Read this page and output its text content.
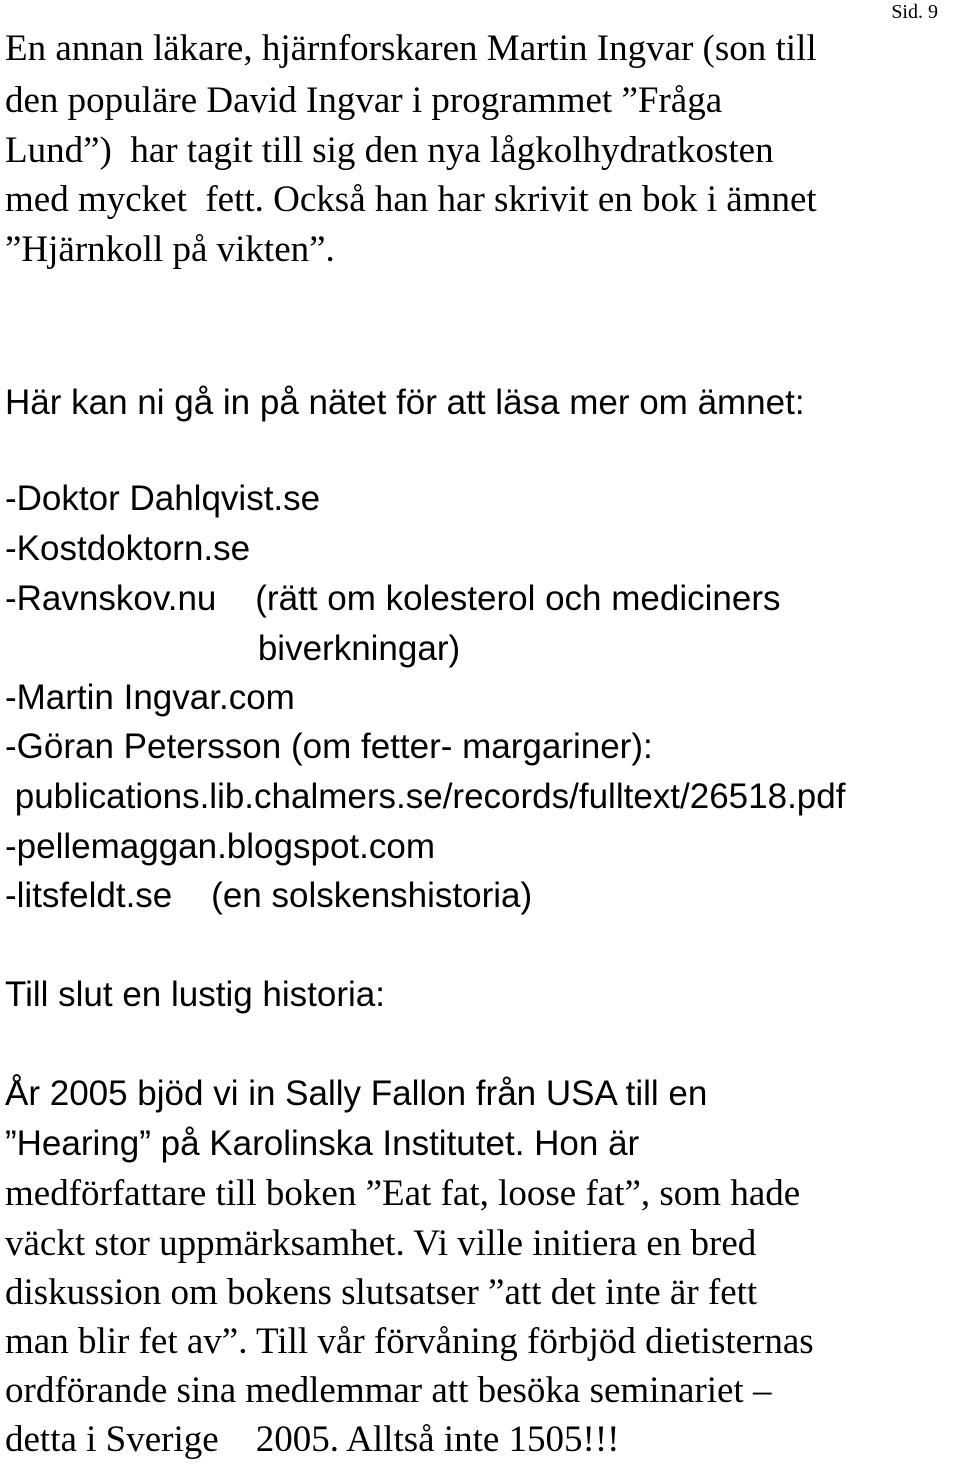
Sid. 9
En annan läkare, hjärnforskaren Martin Ingvar (son till
den populäre David Ingvar i programmet ”Fråga
Lund”)  har tagit till sig den nya lågkolhydratkosten
med mycket  fett. Också han har skrivit en bok i ämnet
”Hjärnkoll på vikten”.
Här kan ni gå in på nätet för att läsa mer om ämnet:
-Doktor Dahlqvist.se
-Kostdoktorn.se
-Ravnskov.nu    (rätt om kolesterol och mediciners
biverkningar)
-Martin Ingvar.com
-Göran Petersson (om fetter- margariner):
publications.lib.chalmers.se/records/fulltext/26518.pdf
-pellemaggan.blogspot.com
-litsfeldt.se    (en solskenshistoria)
Till slut en lustig historia:
År 2005 bjöd vi in Sally Fallon från USA till en
”Hearing” på Karolinska Institutet. Hon är
medförfattare till boken ”Eat fat, loose fat”, som hade
väckt stor uppmärksamhet. Vi ville initiera en bred
diskussion om bokens slutsatser ”att det inte är fett
man blir fet av”. Till vår förvåning förbjöd dietisternas
ordförande sina medlemmar att besöka seminariet –
detta i Sverige    2005. Alltså inte 1505!!!
